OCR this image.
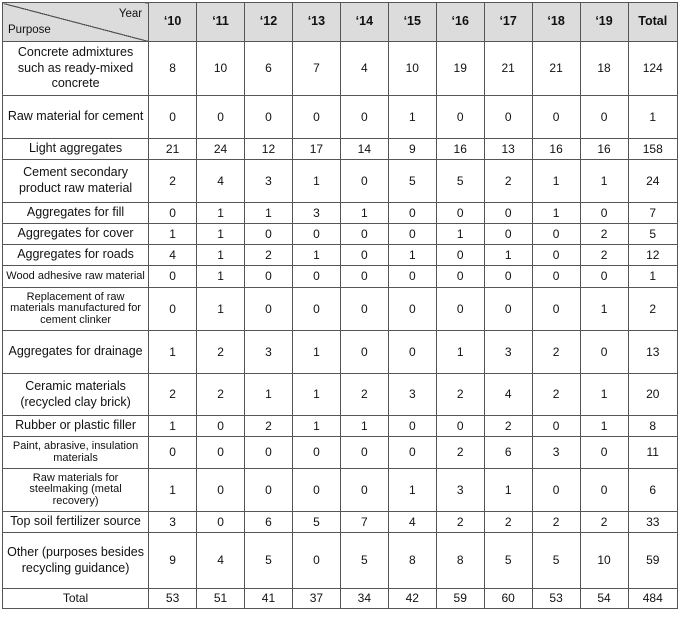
Year
Purpose	‘10	‘11	‘12	‘13	‘14	‘15	‘16	‘17	‘18	‘19	Total
Concrete admixtures such as ready-mixed concrete	8	10	6	7	4	10	19	21	21	18	124
Raw material for cement	0	0	0	0	0	1	0	0	0	0	1
Light aggregates	21	24	12	17	14	9	16	13	16	16	158
Cement secondary product raw material	2	4	3	1	0	5	5	2	1	1	24
Aggregates for fill	0	1	1	3	1	0	0	0	1	0	7
Aggregates for cover	1	1	0	0	0	0	1	0	0	2	5
Aggregates for roads	4	1	2	1	0	1	0	1	0	2	12
Wood adhesive raw material	0	1	0	0	0	0	0	0	0	0	1
Replacement of raw materials manufactured for cement clinker	0	1	0	0	0	0	0	0	0	1	2
Aggregates for drainage	1	2	3	1	0	0	1	3	2	0	13
Ceramic materials (recycled clay brick)	2	2	1	1	2	3	2	4	2	1	20
Rubber or plastic filler	1	0	2	1	1	0	0	2	0	1	8
Paint, abrasive, insulation materials	0	0	0	0	0	0	2	6	3	0	11
Raw materials for steelmaking (metal recovery)	1	0	0	0	0	1	3	1	0	0	6
Top soil fertilizer source	3	0	6	5	7	4	2	2	2	2	33
Other (purposes besides recycling guidance)	9	4	5	0	5	8	8	5	5	10	59
Total	53	51	41	37	34	42	59	60	53	54	484
